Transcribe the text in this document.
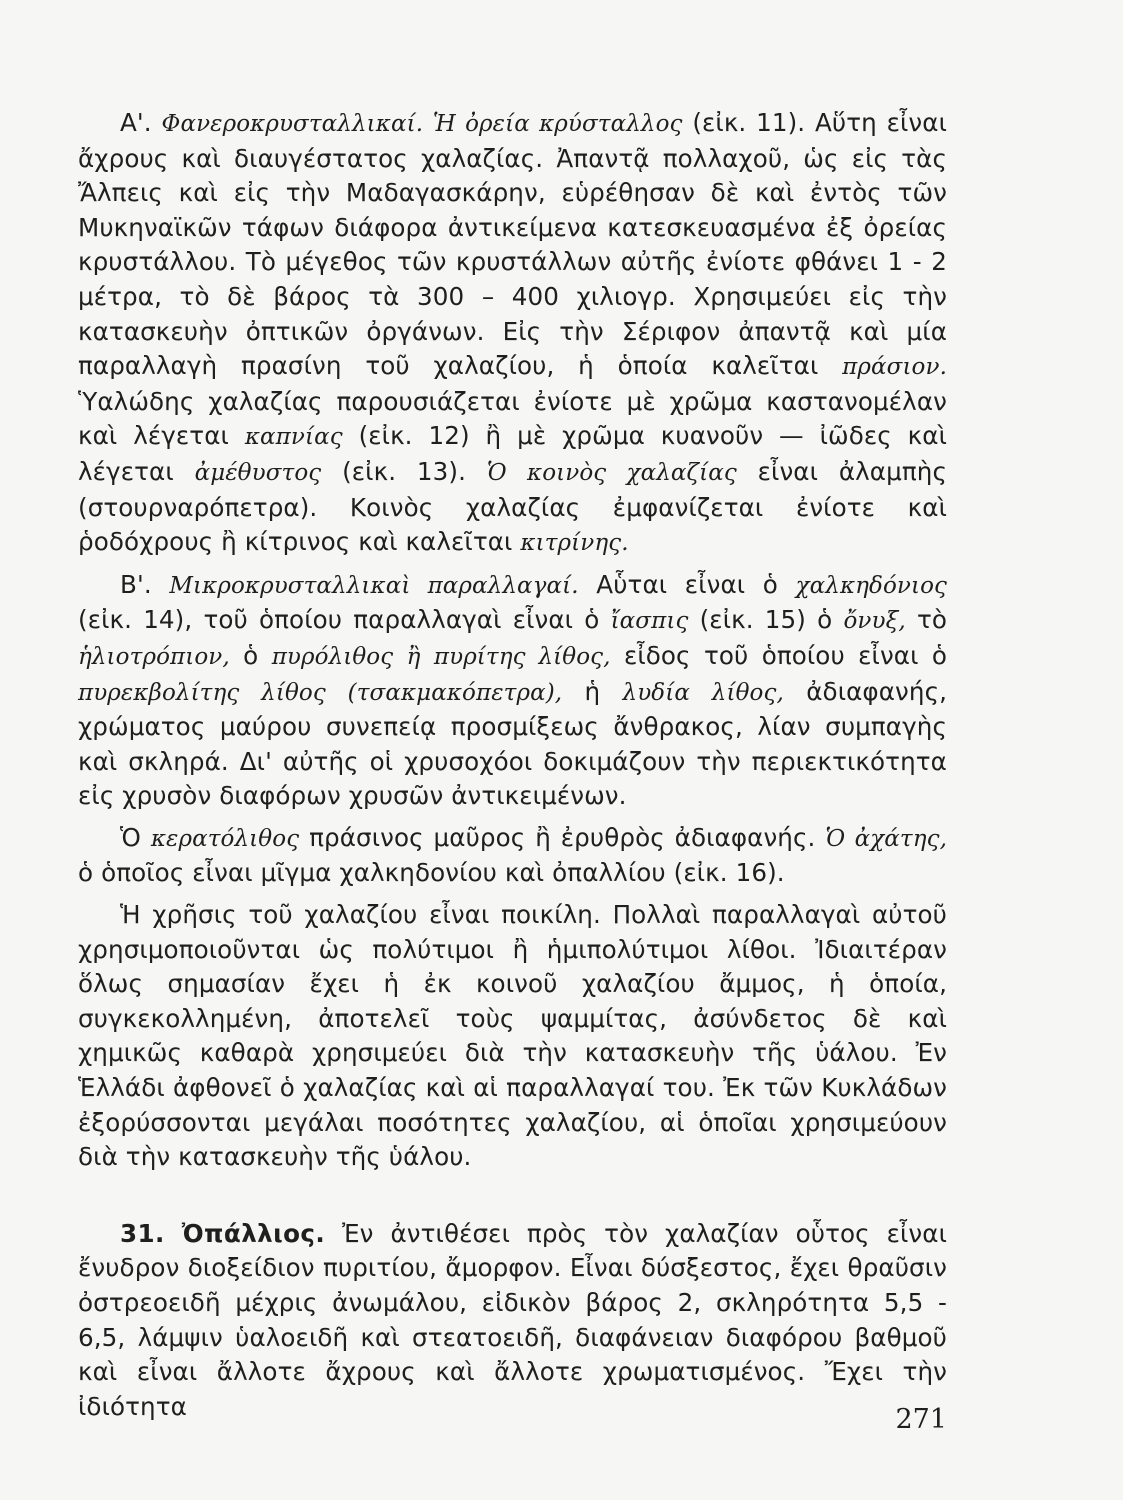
A'. Φανεροκρυσταλλικαί. Ἡ ὀρεία κρύσταλλος (εἰκ. 11). Αὕτη εἶναι ἄχρους καὶ διαυγέστατος χαλαζίας. Ἀπαντᾷ πολλαχοῦ, ὡς εἰς τὰς Ἄλπεις καὶ εἰς τὴν Μαδαγασκάρην, εὑρέθησαν δὲ καὶ ἐντὸς τῶν Μυκηναϊκῶν τάφων διάφορα ἀντικείμενα κατεσκευασμένα ἐξ ὀρείας κρυστάλλου. Τὸ μέγεθος τῶν κρυστάλλων αὐτῆς ἐνίοτε φθάνει 1 - 2 μέτρα, τὸ δὲ βάρος τὰ 300 – 400 χιλιογρ. Χρησιμεύει εἰς τὴν κατασκευὴν ὀπτικῶν ὀργάνων. Εἰς τὴν Σέριφον ἀπαντᾷ καὶ μία παραλλαγὴ πρασίνη τοῦ χαλαζίου, ἡ ὁποία καλεῖται πράσιον. Ὑαλώδης χαλαζίας παρουσιάζεται ἐνίοτε μὲ χρῶμα καστανομέλαν καὶ λέγεται καπνίας (εἰκ. 12) ἢ μὲ χρῶμα κυανοῦν — ἰῶδες καὶ λέγεται ἀμέθυστος (εἰκ. 13). Ὁ κοινὸς χαλαζίας εἶναι ἀλαμπὴς (στουρναρόπετρα). Κοινὸς χαλαζίας ἐμφανίζεται ἐνίοτε καὶ ῥοδόχρους ἢ κίτρινος καὶ καλεῖται κιτρίνης.

B'. Μικροκρυσταλλικαὶ παραλλαγαί. Αὗται εἶναι ὁ χαλκηδόνιος (εἰκ. 14), τοῦ ὁποίου παραλλαγαὶ εἶναι ὁ ἴασπις (εἰκ. 15) ὁ ὄνυξ, τὸ ἡλιοτρόπιον, ὁ πυρόλιθος ἢ πυρίτης λίθος, εἶδος τοῦ ὁποίου εἶναι ὁ πυρεκβολίτης λίθος (τσακμακόπετρα), ἡ λυδία λίθος, ἀδιαφανής, χρώματος μαύρου συνεπείᾳ προσμίξεως ἄνθρακος, λίαν συμπαγὴς καὶ σκληρά. Δι' αὐτῆς οἱ χρυσοχόοι δοκιμάζουν τὴν περιεκτικότητα εἰς χρυσὸν διαφόρων χρυσῶν ἀντικειμένων.

Ὁ κερατόλιθος πράσινος μαῦρος ἢ ἐρυθρὸς ἀδιαφανής. Ὁ ἀχάτης, ὁ ὁποῖος εἶναι μῖγμα χαλκηδονίου καὶ ὀπαλλίου (εἰκ. 16).

Ἡ χρῆσις τοῦ χαλαζίου εἶναι ποικίλη. Πολλαὶ παραλλαγαὶ αὐτοῦ χρησιμοποιοῦνται ὡς πολύτιμοι ἢ ἡμιπολύτιμοι λίθοι. Ἰδιαιτέραν ὅλως σημασίαν ἔχει ἡ ἐκ κοινοῦ χαλαζίου ἄμμος, ἡ ὁποία, συγκεκολλημένη, ἀποτελεῖ τοὺς ψαμμίτας, ἀσύνδετος δὲ καὶ χημικῶς καθαρὰ χρησιμεύει διὰ τὴν κατασκευὴν τῆς ὑάλου. Ἐν Ἑλλάδι ἀφθονεῖ ὁ χαλαζίας καὶ αἱ παραλλαγαί του. Ἐκ τῶν Κυκλάδων ἐξορύσσονται μεγάλαι ποσότητες χαλαζίου, αἱ ὁποῖαι χρησιμεύουν διὰ τὴν κατασκευὴν τῆς ὑάλου.

31. Ὀπάλλιος. Ἐν ἀντιθέσει πρὸς τὸν χαλαζίαν οὗτος εἶναι ἔνυδρον διοξείδιον πυριτίου, ἄμορφον. Εἶναι δύσξεστος, ἔχει θραῦσιν ὀστρεοειδῆ μέχρις ἀνωμάλου, εἰδικὸν βάρος 2, σκληρότητα 5,5 - 6,5, λάμψιν ὑαλοειδῆ καὶ στεατοειδῆ, διαφάνειαν διαφόρου βαθμοῦ καὶ εἶναι ἄλλοτε ἄχρους καὶ ἄλλοτε χρωματισμένος. Ἔχει τὴν ἰδιότητα	271
